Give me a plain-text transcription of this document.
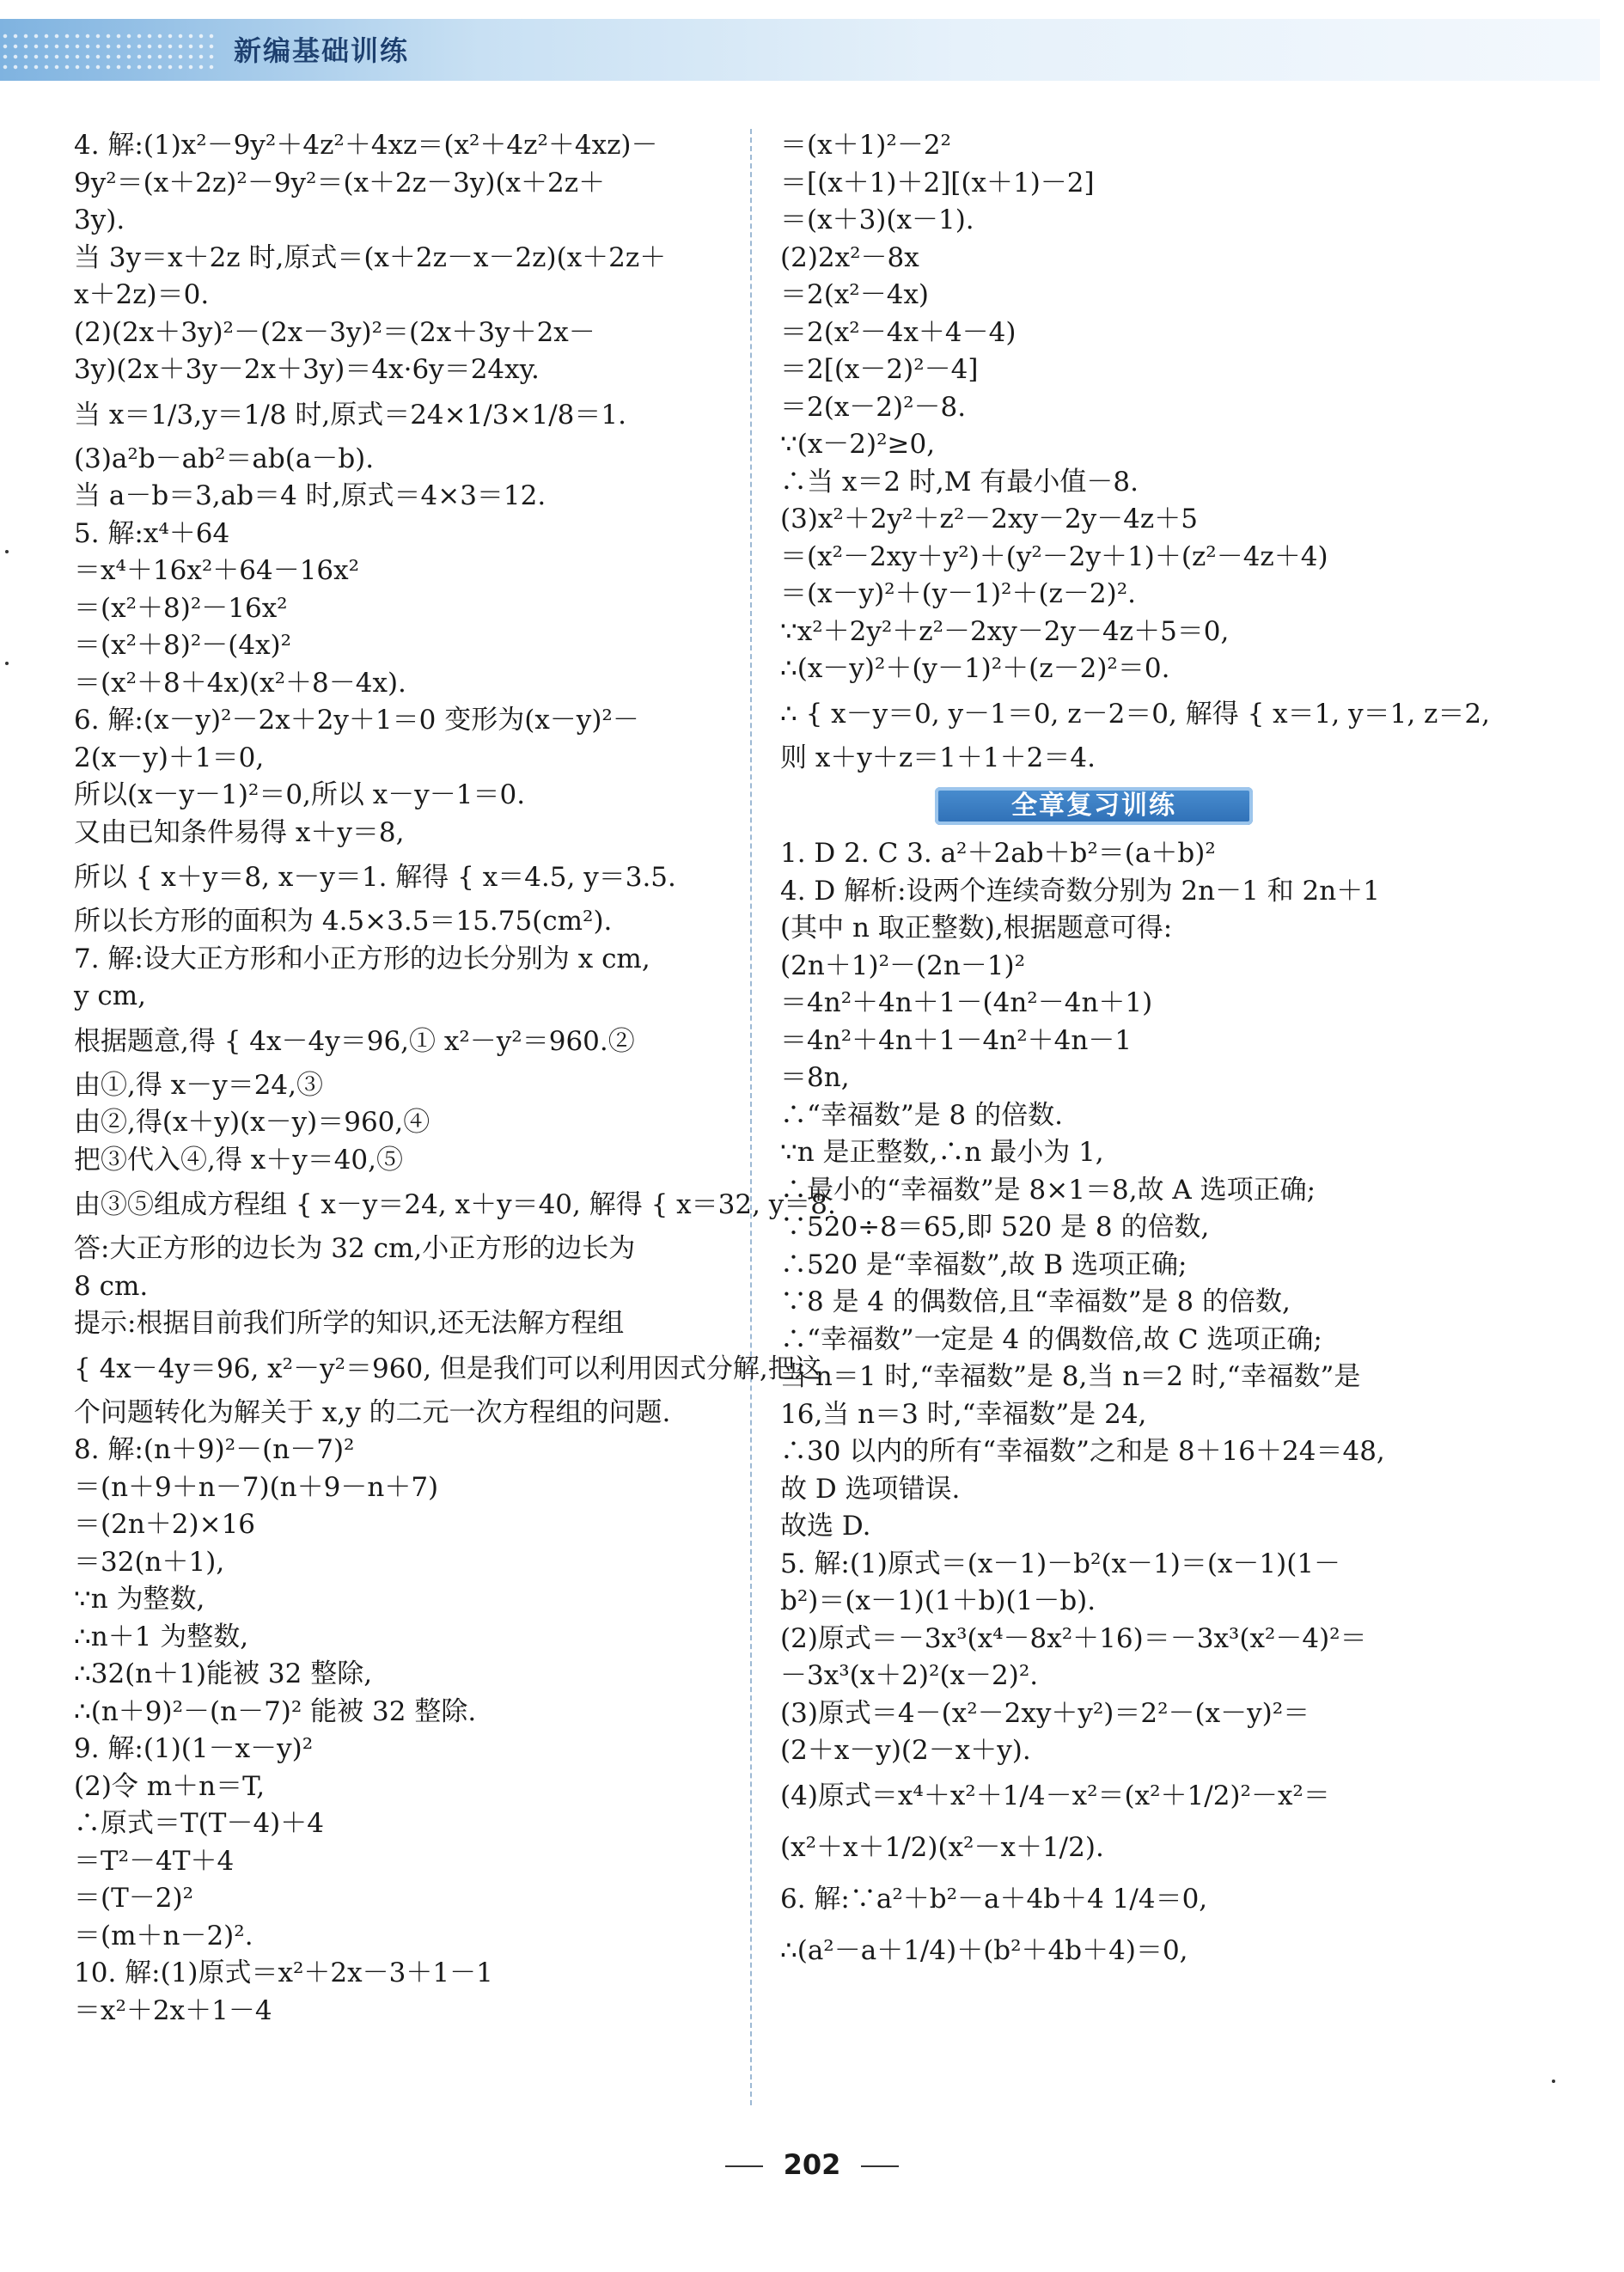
新编基础训练
4. 解:(1)x²－9y²＋4z²＋4xz＝(x²＋4z²＋4xz)－
9y²＝(x＋2z)²－9y²＝(x＋2z－3y)(x＋2z＋
3y).
当 3y＝x＋2z 时,原式＝(x＋2z－x－2z)(x＋2z＋
x＋2z)＝0.
(2)(2x＋3y)²－(2x－3y)²＝(2x＋3y＋2x－
3y)(2x＋3y－2x＋3y)＝4x·6y＝24xy.
当 x＝1/3,y＝1/8 时,原式＝24×1/3×1/8＝1.
(3)a²b－ab²＝ab(a－b).
当 a－b＝3,ab＝4 时,原式＝4×3＝12.
5. 解:x⁴＋64
＝x⁴＋16x²＋64－16x²
＝(x²＋8)²－16x²
＝(x²＋8)²－(4x)²
＝(x²＋8＋4x)(x²＋8－4x).
6. 解:(x－y)²－2x＋2y＋1＝0 变形为(x－y)²－
2(x－y)＋1＝0,
所以(x－y－1)²＝0,所以 x－y－1＝0.
又由已知条件易得 x＋y＝8,
所以 { x＋y＝8, x－y＝1. 解得 { x＝4.5, y＝3.5.
所以长方形的面积为 4.5×3.5＝15.75(cm²).
7. 解:设大正方形和小正方形的边长分别为 x cm,
y cm,
根据题意,得 { 4x－4y＝96,① x²－y²＝960.②
由①,得 x－y＝24,③
由②,得(x＋y)(x－y)＝960,④
把③代入④,得 x＋y＝40,⑤
由③⑤组成方程组 { x－y＝24, x＋y＝40, 解得 { x＝32, y＝8.
答:大正方形的边长为 32 cm,小正方形的边长为
8 cm.
提示:根据目前我们所学的知识,还无法解方程组
{ 4x－4y＝96, x²－y²＝960, 但是我们可以利用因式分解,把这
个问题转化为解关于 x,y 的二元一次方程组的问题.
8. 解:(n＋9)²－(n－7)²
＝(n＋9＋n－7)(n＋9－n＋7)
＝(2n＋2)×16
＝32(n＋1),
∵n 为整数,
∴n＋1 为整数,
∴32(n＋1)能被 32 整除,
∴(n＋9)²－(n－7)² 能被 32 整除.
9. 解:(1)(1－x－y)²
(2)令 m＋n＝T,
∴原式＝T(T－4)＋4
＝T²－4T＋4
＝(T－2)²
＝(m＋n－2)².
10. 解:(1)原式＝x²＋2x－3＋1－1
＝x²＋2x＋1－4
＝(x＋1)²－2²
＝[(x＋1)＋2][(x＋1)－2]
＝(x＋3)(x－1).
(2)2x²－8x
＝2(x²－4x)
＝2(x²－4x＋4－4)
＝2[(x－2)²－4]
＝2(x－2)²－8.
∵(x－2)²≥0,
∴当 x＝2 时,M 有最小值－8.
(3)x²＋2y²＋z²－2xy－2y－4z＋5
＝(x²－2xy＋y²)＋(y²－2y＋1)＋(z²－4z＋4)
＝(x－y)²＋(y－1)²＋(z－2)².
∵x²＋2y²＋z²－2xy－2y－4z＋5＝0,
∴(x－y)²＋(y－1)²＋(z－2)²＝0.
∴ { x－y＝0, y－1＝0, z－2＝0, 解得 { x＝1, y＝1, z＝2,
则 x＋y＋z＝1＋1＋2＝4.
全章复习训练
1. D 2. C 3. a²＋2ab＋b²＝(a＋b)²
4. D 解析:设两个连续奇数分别为 2n－1 和 2n＋1
(其中 n 取正整数),根据题意可得:
(2n＋1)²－(2n－1)²
＝4n²＋4n＋1－(4n²－4n＋1)
＝4n²＋4n＋1－4n²＋4n－1
＝8n,
∴“幸福数”是 8 的倍数.
∵n 是正整数,∴n 最小为 1,
∴最小的“幸福数”是 8×1＝8,故 A 选项正确;
∵520÷8＝65,即 520 是 8 的倍数,
∴520 是“幸福数”,故 B 选项正确;
∵8 是 4 的偶数倍,且“幸福数”是 8 的倍数,
∴“幸福数”一定是 4 的偶数倍,故 C 选项正确;
当 n＝1 时,“幸福数”是 8,当 n＝2 时,“幸福数”是
16,当 n＝3 时,“幸福数”是 24,
∴30 以内的所有“幸福数”之和是 8＋16＋24＝48,
故 D 选项错误.
故选 D.
5. 解:(1)原式＝(x－1)－b²(x－1)＝(x－1)(1－
b²)＝(x－1)(1＋b)(1－b).
(2)原式＝－3x³(x⁴－8x²＋16)＝－3x³(x²－4)²＝
－3x³(x＋2)²(x－2)².
(3)原式＝4－(x²－2xy＋y²)＝2²－(x－y)²＝
(2＋x－y)(2－x＋y).
(4)原式＝x⁴＋x²＋1/4－x²＝(x²＋1/2)²－x²＝
(x²＋x＋1/2)(x²－x＋1/2).
6. 解:∵a²＋b²－a＋4b＋4 1/4＝0,
∴(a²－a＋1/4)＋(b²＋4b＋4)＝0,
202
